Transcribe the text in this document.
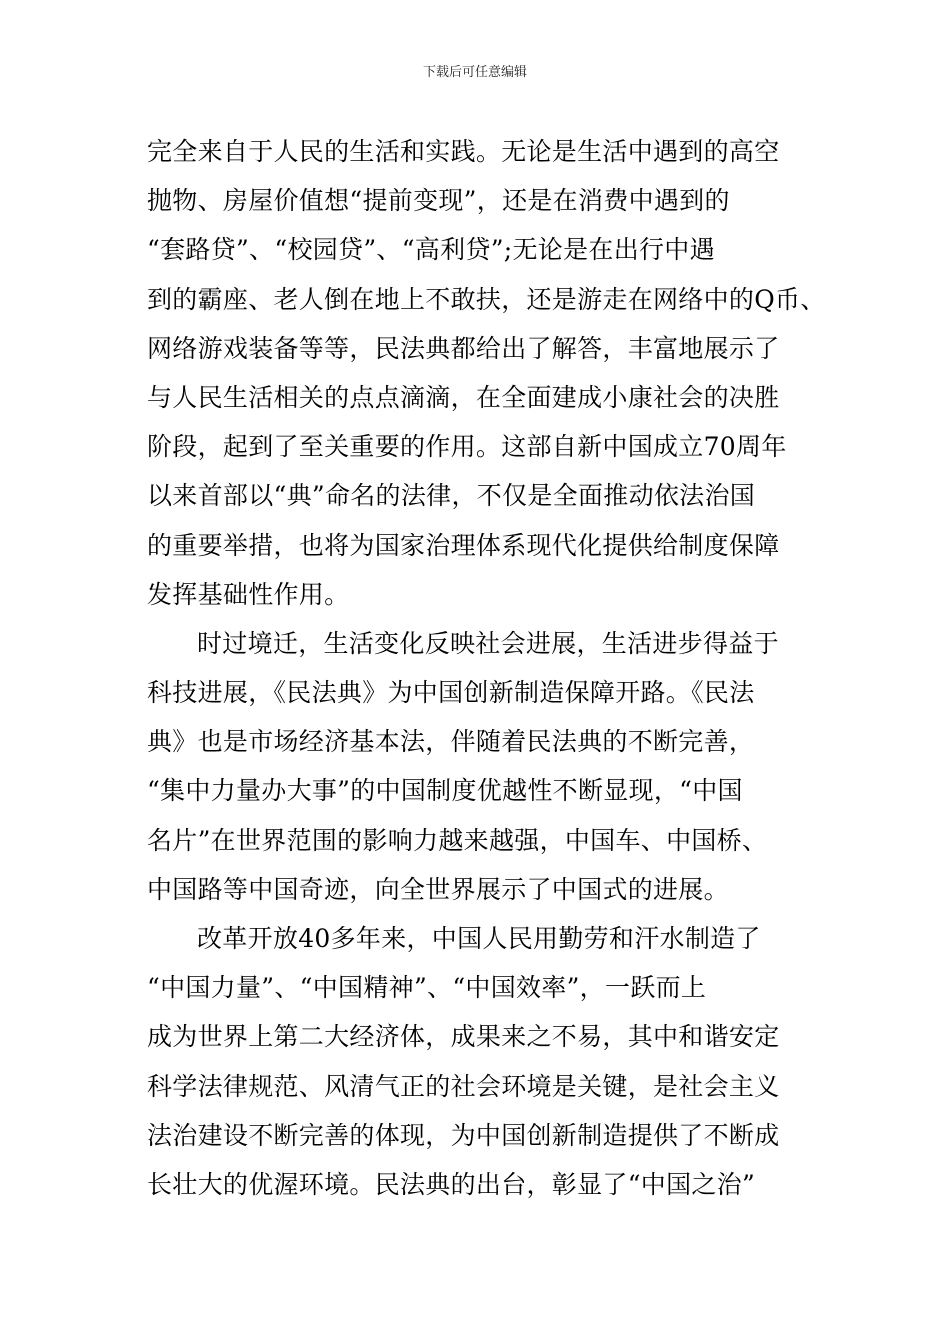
下载后可任意编辑
完全来自于人民的生活和实践。无论是生活中遇到的高空
抛物、房屋价值想“提前变现”，还是在消费中遇到的
“套路贷”、“校园贷”、“高利贷”;无论是在出行中遇
到的霸座、老人倒在地上不敢扶，还是游走在网络中的Q币、
网络游戏装备等等，民法典都给出了解答，丰富地展示了
与人民生活相关的点点滴滴，在全面建成小康社会的决胜
阶段，起到了至关重要的作用。这部自新中国成立70周年
以来首部以“典”命名的法律，不仅是全面推动依法治国
的重要举措，也将为国家治理体系现代化提供给制度保障
发挥基础性作用。
时过境迁，生活变化反映社会进展，生活进步得益于
科技进展，《民法典》为中国创新制造保障开路。《民法
典》也是市场经济基本法，伴随着民法典的不断完善，
“集中力量办大事”的中国制度优越性不断显现，“中国
名片”在世界范围的影响力越来越强，中国车、中国桥、
中国路等中国奇迹，向全世界展示了中国式的进展。
改革开放40多年来，中国人民用勤劳和汗水制造了
“中国力量”、“中国精神”、“中国效率”，一跃而上
成为世界上第二大经济体，成果来之不易，其中和谐安定
科学法律规范、风清气正的社会环境是关键，是社会主义
法治建设不断完善的体现，为中国创新制造提供了不断成
长壮大的优渥环境。民法典的出台，彰显了“中国之治”
